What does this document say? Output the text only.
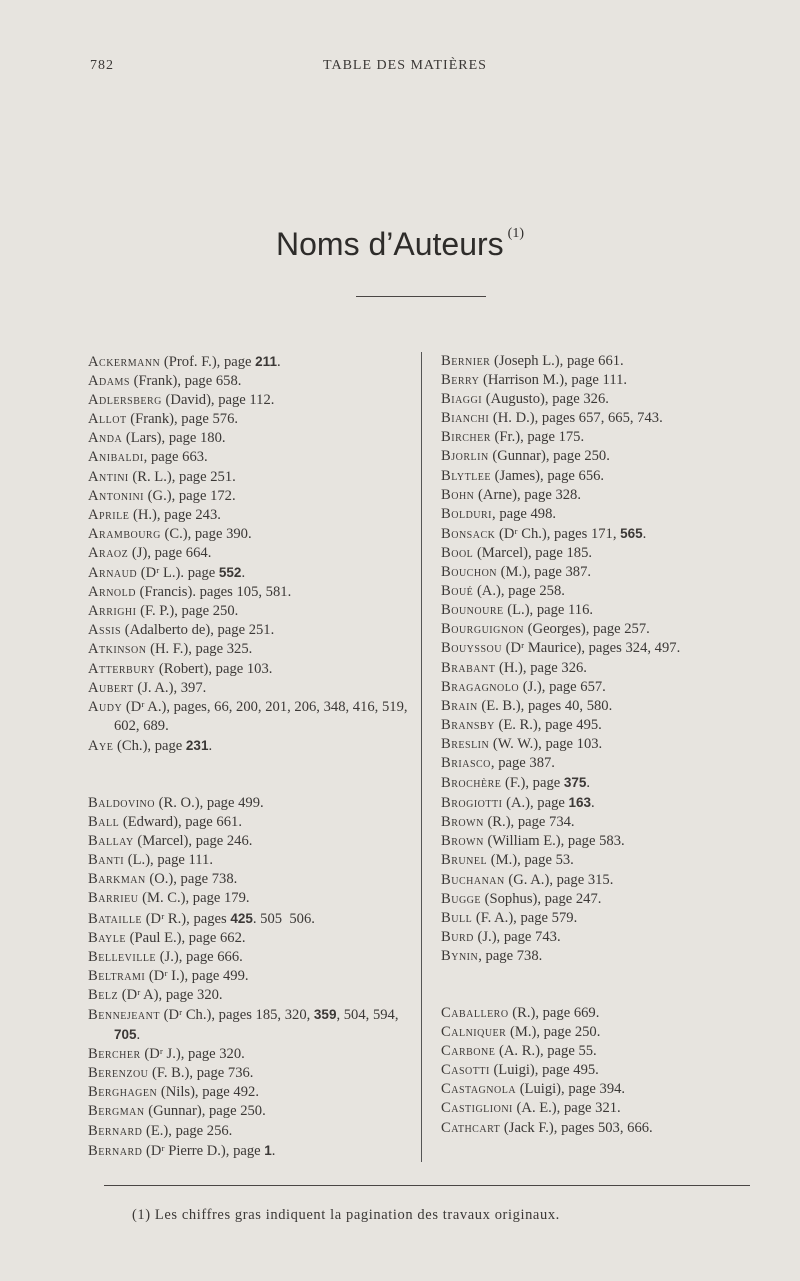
782	TABLE DES MATIÈRES
Noms d’Auteurs $^{(1)}$
Ackermann (Prof. F.), page 211.
Adams (Frank), page 658.
Adlersberg (David), page 112.
Allot (Frank), page 576.
Anda (Lars), page 180.
Anibaldi, page 663.
Antini (R. L.), page 251.
Antonini (G.), page 172.
Aprile (H.), page 243.
Arambourg (C.), page 390.
Araoz (J), page 664.
Arnaud (Dʳ L.). page 552.
Arnold (Francis). pages 105, 581.
Arrighi (F. P.), page 250.
Assis (Adalberto de), page 251.
Atkinson (H. F.), page 325.
Atterbury (Robert), page 103.
Aubert (J. A.), 397.
Audy (Dʳ A.), pages, 66, 200, 201, 206, 348, 416, 519, 602, 689.
Aye (Ch.), page 231.
Baldovino (R. O.), page 499.
Ball (Edward), page 661.
Ballay (Marcel), page 246.
Banti (L.), page 111.
Barkman (O.), page 738.
Barrieu (M. C.), page 179.
Bataille (Dʳ R.), pages 425. 505  506.
Bayle (Paul E.), page 662.
Belleville (J.), page 666.
Beltrami (Dʳ I.), page 499.
Belz (Dʳ A), page 320.
Bennejeant (Dʳ Ch.), pages 185, 320, 359, 504, 594, 705.
Bercher (Dʳ J.), page 320.
Berenzou (F. B.), page 736.
Berghagen (Nils), page 492.
Bergman (Gunnar), page 250.
Bernard (E.), page 256.
Bernard (Dʳ Pierre D.), page 1.
Bernier (Joseph L.), page 661.
Berry (Harrison M.), page 111.
Biaggi (Augusto), page 326.
Bianchi (H. D.), pages 657, 665, 743.
Bircher (Fr.), page 175.
Bjorlin (Gunnar), page 250.
Blytlee (James), page 656.
Bohn (Arne), page 328.
Bolduri, page 498.
Bonsack (Dʳ Ch.), pages 171, 565.
Bool (Marcel), page 185.
Bouchon (M.), page 387.
Boué (A.), page 258.
Bounoure (L.), page 116.
Bourguignon (Georges), page 257.
Bouyssou (Dʳ Maurice), pages 324, 497.
Brabant (H.), page 326.
Bragagnolo (J.), page 657.
Brain (E. B.), pages 40, 580.
Bransby (E. R.), page 495.
Breslin (W. W.), page 103.
Briasco, page 387.
Brochère (F.), page 375.
Brogiotti (A.), page 163.
Brown (R.), page 734.
Brown (William E.), page 583.
Brunel (M.), page 53.
Buchanan (G. A.), page 315.
Bugge (Sophus), page 247.
Bull (F. A.), page 579.
Burd (J.), page 743.
Bynin, page 738.
Caballero (R.), page 669.
Calniquer (M.), page 250.
Carbone (A. R.), page 55.
Casotti (Luigi), page 495.
Castagnola (Luigi), page 394.
Castiglioni (A. E.), page 321.
Cathcart (Jack F.), pages 503, 666.
(1) Les chiffres gras indiquent la pagination des travaux originaux.
